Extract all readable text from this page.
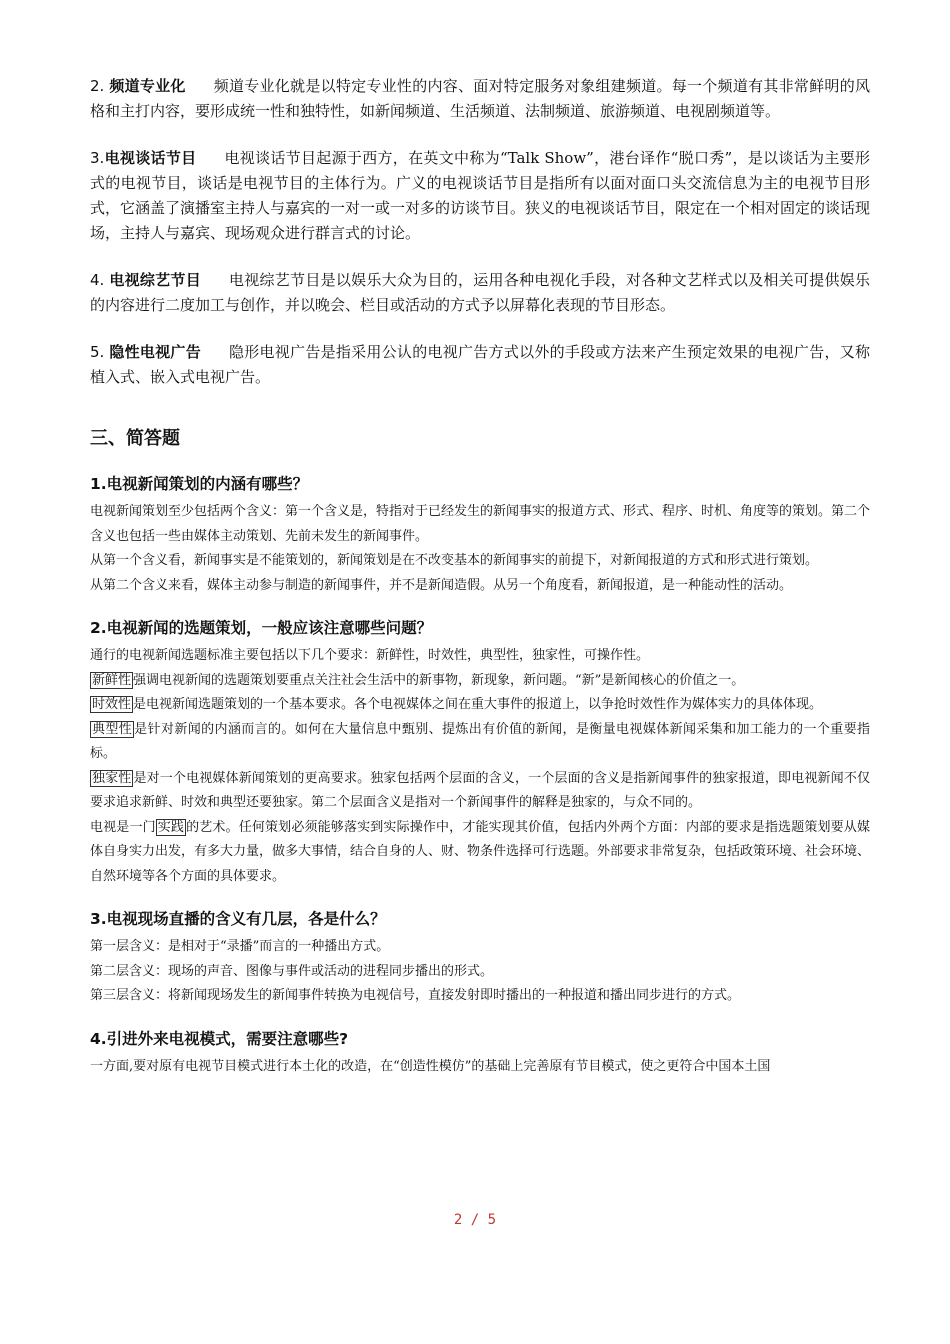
2. 频道专业化 频道专业化就是以特定专业性的内容、面对特定服务对象组建频道。每一个频道有其非常鲜明的风格和主打内容，要形成统一性和独特性，如新闻频道、生活频道、法制频道、旅游频道、电视剧频道等。

3.电视谈话节目 电视谈话节目起源于西方，在英文中称为“Talk Show”，港台译作“脱口秀”，是以谈话为主要形式的电视节目，谈话是电视节目的主体行为。广义的电视谈话节目是指所有以面对面口头交流信息为主的电视节目形式，它涵盖了演播室主持人与嘉宾的一对一或一对多的访谈节目。狭义的电视谈话节目，限定在一个相对固定的谈话现场，主持人与嘉宾、现场观众进行群言式的讨论。

4. 电视综艺节目 电视综艺节目是以娱乐大众为目的，运用各种电视化手段，对各种文艺样式以及相关可提供娱乐的内容进行二度加工与创作，并以晚会、栏目或活动的方式予以屏幕化表现的节目形态。

5. 隐性电视广告 隐形电视广告是指采用公认的电视广告方式以外的手段或方法来产生预定效果的电视广告，又称植入式、嵌入式电视广告。

三、简答题
1.电视新闻策划的内涵有哪些？

电视新闻策划至少包括两个含义：第一个含义是，特指对于已经发生的新闻事实的报道方式、形式、程序、时机、角度等的策划。第二个含义也包括一些由媒体主动策划、先前未发生的新闻事件。

从第一个含义看，新闻事实是不能策划的，新闻策划是在不改变基本的新闻事实的前提下，对新闻报道的方式和形式进行策划。

从第二个含义来看，媒体主动参与制造的新闻事件，并不是新闻造假。从另一个角度看，新闻报道，是一种能动性的活动。

2.电视新闻的选题策划，一般应该注意哪些问题？

通行的电视新闻选题标准主要包括以下几个要求：新鲜性，时效性，典型性，独家性，可操作性。

新鲜性 强调电视新闻的选题策划要重点关注社会生活中的新事物，新现象，新问题。“新”是新闻核心的价值之一。

时效性 是电视新闻选题策划的一个基本要求。各个电视媒体之间在重大事件的报道上，以争抢时效性作为媒体实力的具体体现。

典型性 是针对新闻的内涵而言的。如何在大量信息中甄别、提炼出有价值的新闻，是衡量电视媒体新闻采集和加工能力的一个重要指标。

独家性 是对一个电视媒体新闻策划的更高要求。独家包括两个层面的含义，一个层面的含义是指新闻事件的独家报道，即电视新闻不仅要求追求新鲜、时效和典型还要独家。第二个层面含义是指对一个新闻事件的解释是独家的，与众不同的。

电视是一门 实践 的艺术。任何策划必须能够落实到实际操作中，才能实现其价值，包括内外两个方面：内部的要求是指选题策划要从媒体自身实力出发，有多大力量，做多大事情，结合自身的人、财、物条件选择可行选题。外部要求非常复杂，包括政策环境、社会环境、自然环境等各个方面的具体要求。

3.电视现场直播的含义有几层，各是什么？

第一层含义：是相对于“录播”而言的一种播出方式。

第二层含义：现场的声音、图像与事件或活动的进程同步播出的形式。

第三层含义：将新闻现场发生的新闻事件转换为电视信号，直接发射即时播出的一种报道和播出同步进行的方式。

4.引进外来电视模式，需要注意哪些?

一方面,要对原有电视节目模式进行本土化的改造，在“创造性模仿”的基础上完善原有节目模式，使之更符合中国本土国

2 / 5
